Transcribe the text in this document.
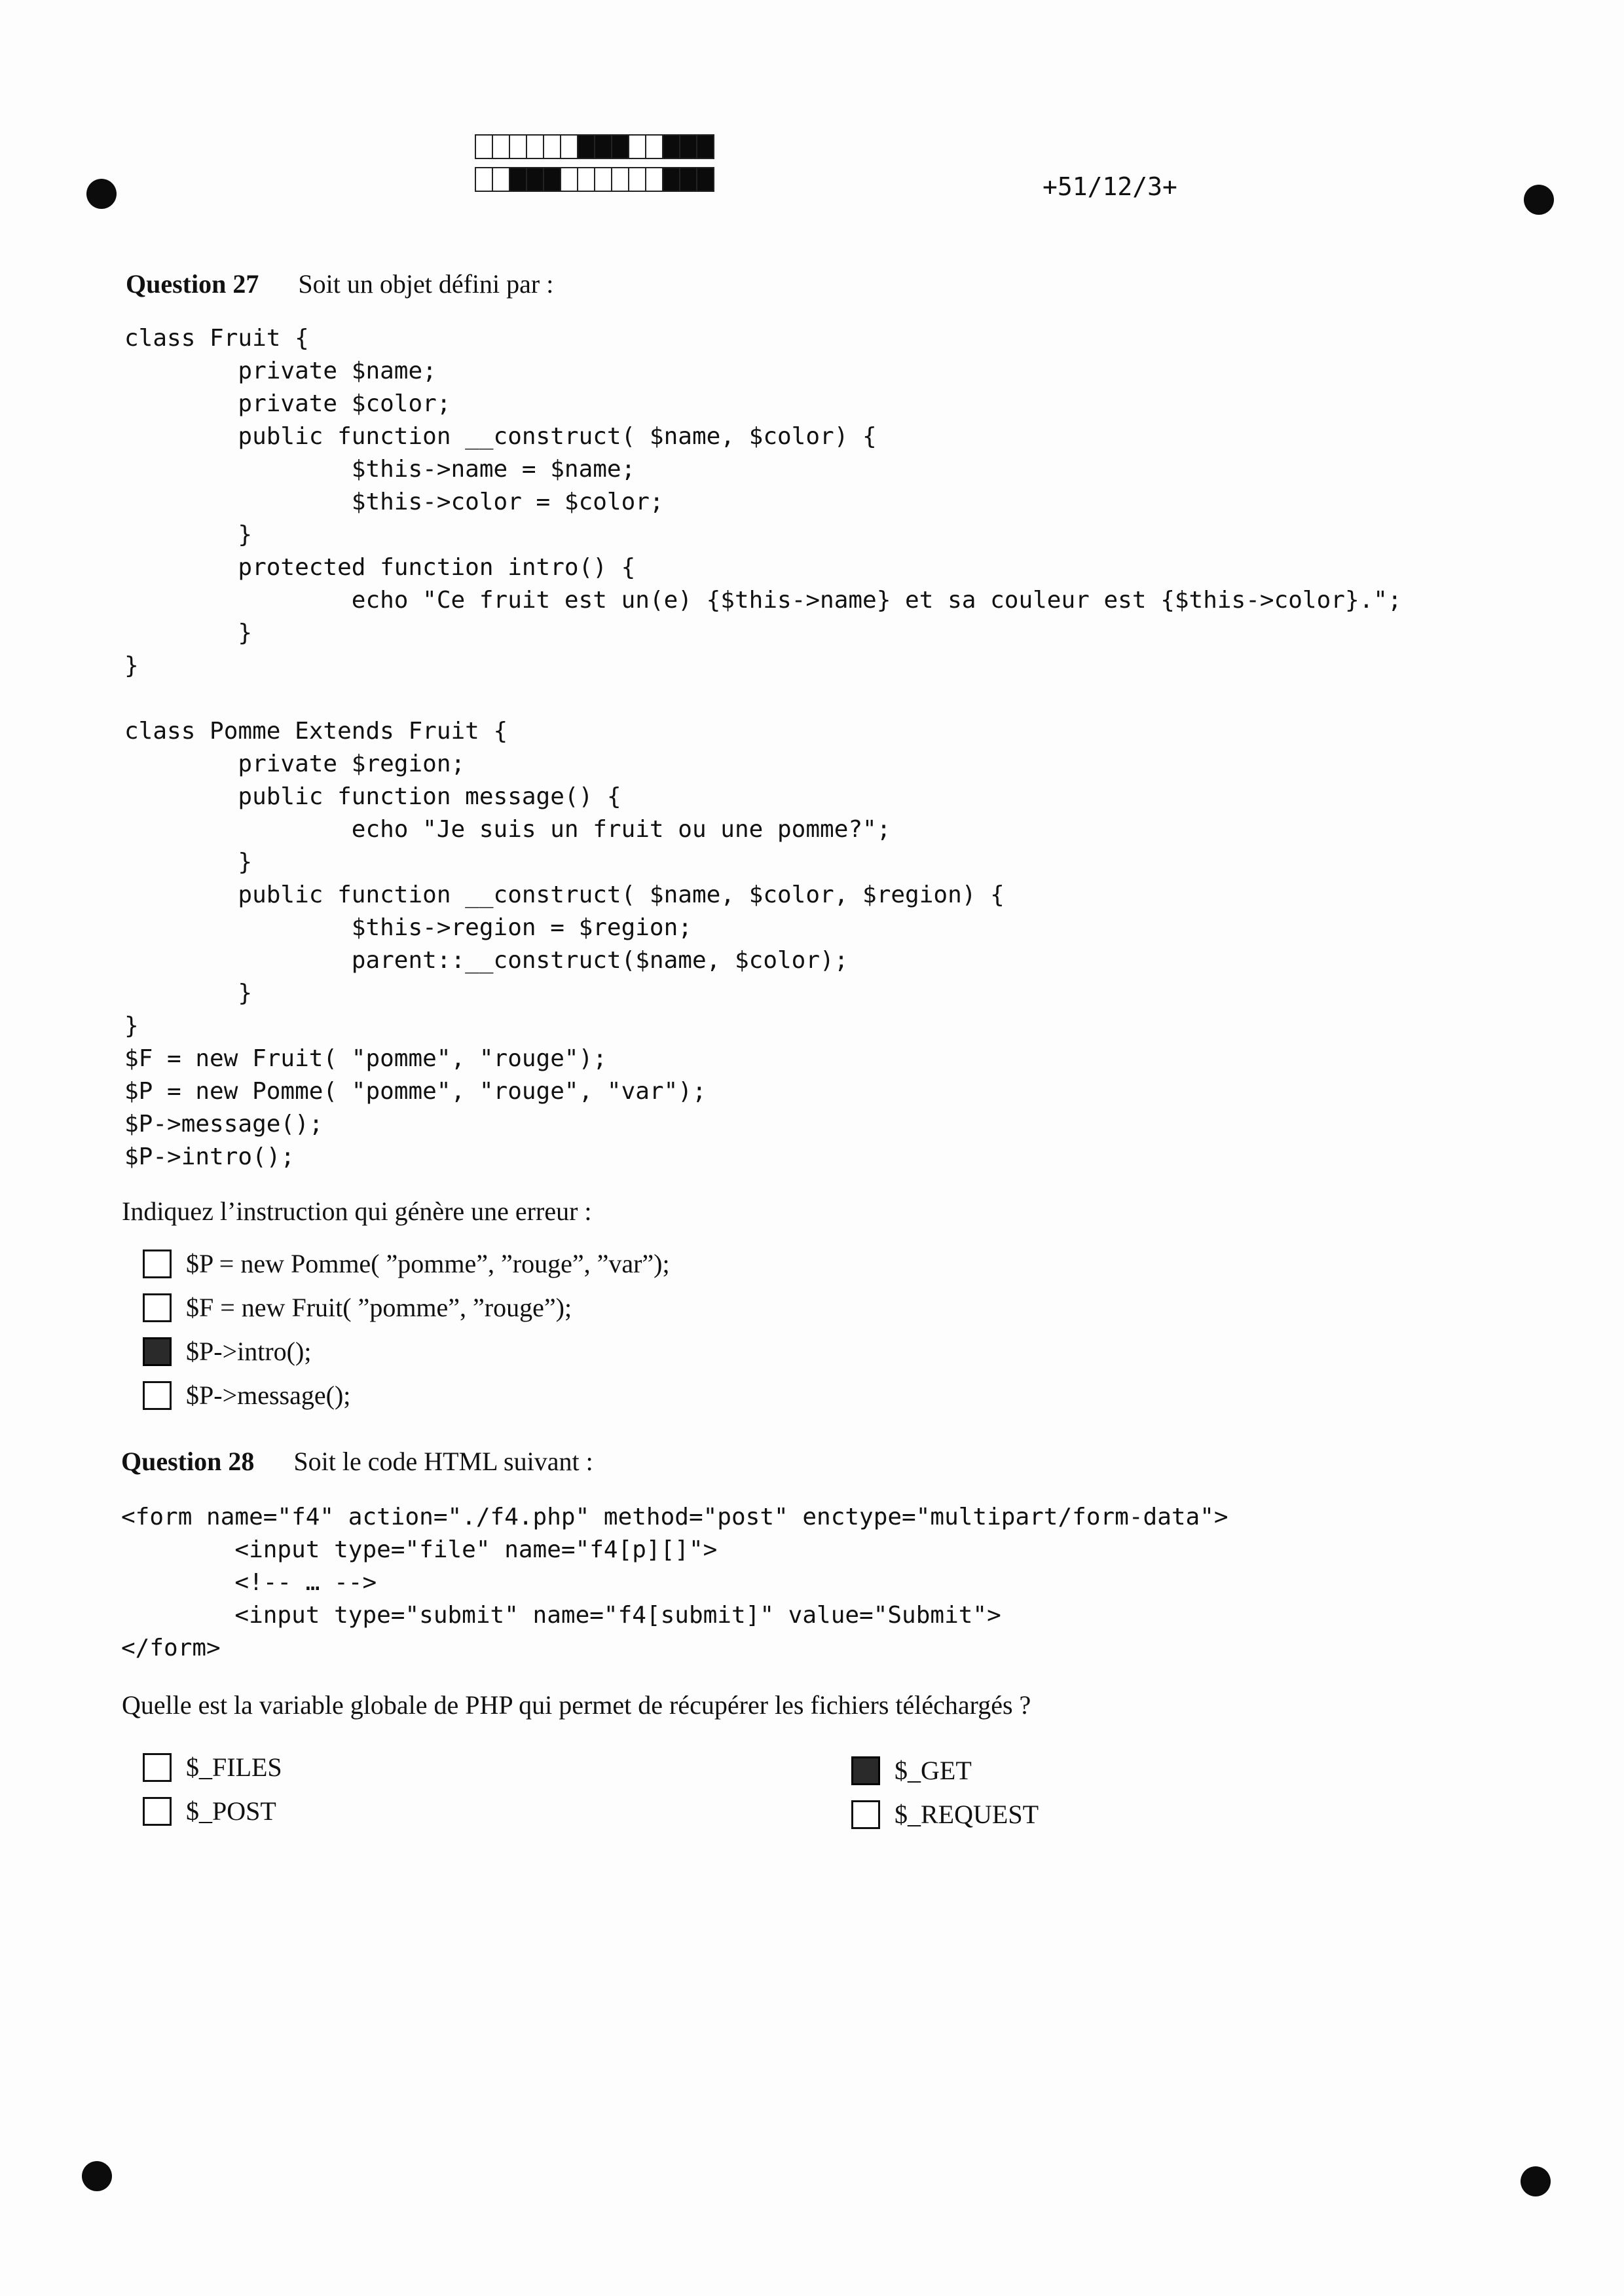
+51/12/3+
Question 27 Soit un objet défini par :
class Fruit {
private $name;
private $color;
public function __construct( $name, $color) {
$this->name = $name;
$this->color = $color;
}
protected function intro() {
echo "Ce fruit est un(e) {$this->name} et sa couleur est {$this->color}.";
}
}
class Pomme Extends Fruit {
private $region;
public function message() {
echo "Je suis un fruit ou une pomme?";
}
public function __construct( $name, $color, $region) {
$this->region = $region;
parent::__construct($name, $color);
}
}
$F = new Fruit( "pomme", "rouge");
$P = new Pomme( "pomme", "rouge", "var");
$P->message();
$P->intro();
Indiquez l’instruction qui génère une erreur :
$P = new Pomme( ”pomme”, ”rouge”, ”var”);
$F = new Fruit( ”pomme”, ”rouge”);
$P->intro();
$P->message();
Question 28 Soit le code HTML suivant :
<form name="f4" action="./f4.php" method="post" enctype="multipart/form-data">
<input type="file" name="f4[p][]">
<!-- … -->
<input type="submit" name="f4[submit]" value="Submit">
</form>
Quelle est la variable globale de PHP qui permet de récupérer les fichiers téléchargés ?
$_FILES
$_POST
$_GET
$_REQUEST
